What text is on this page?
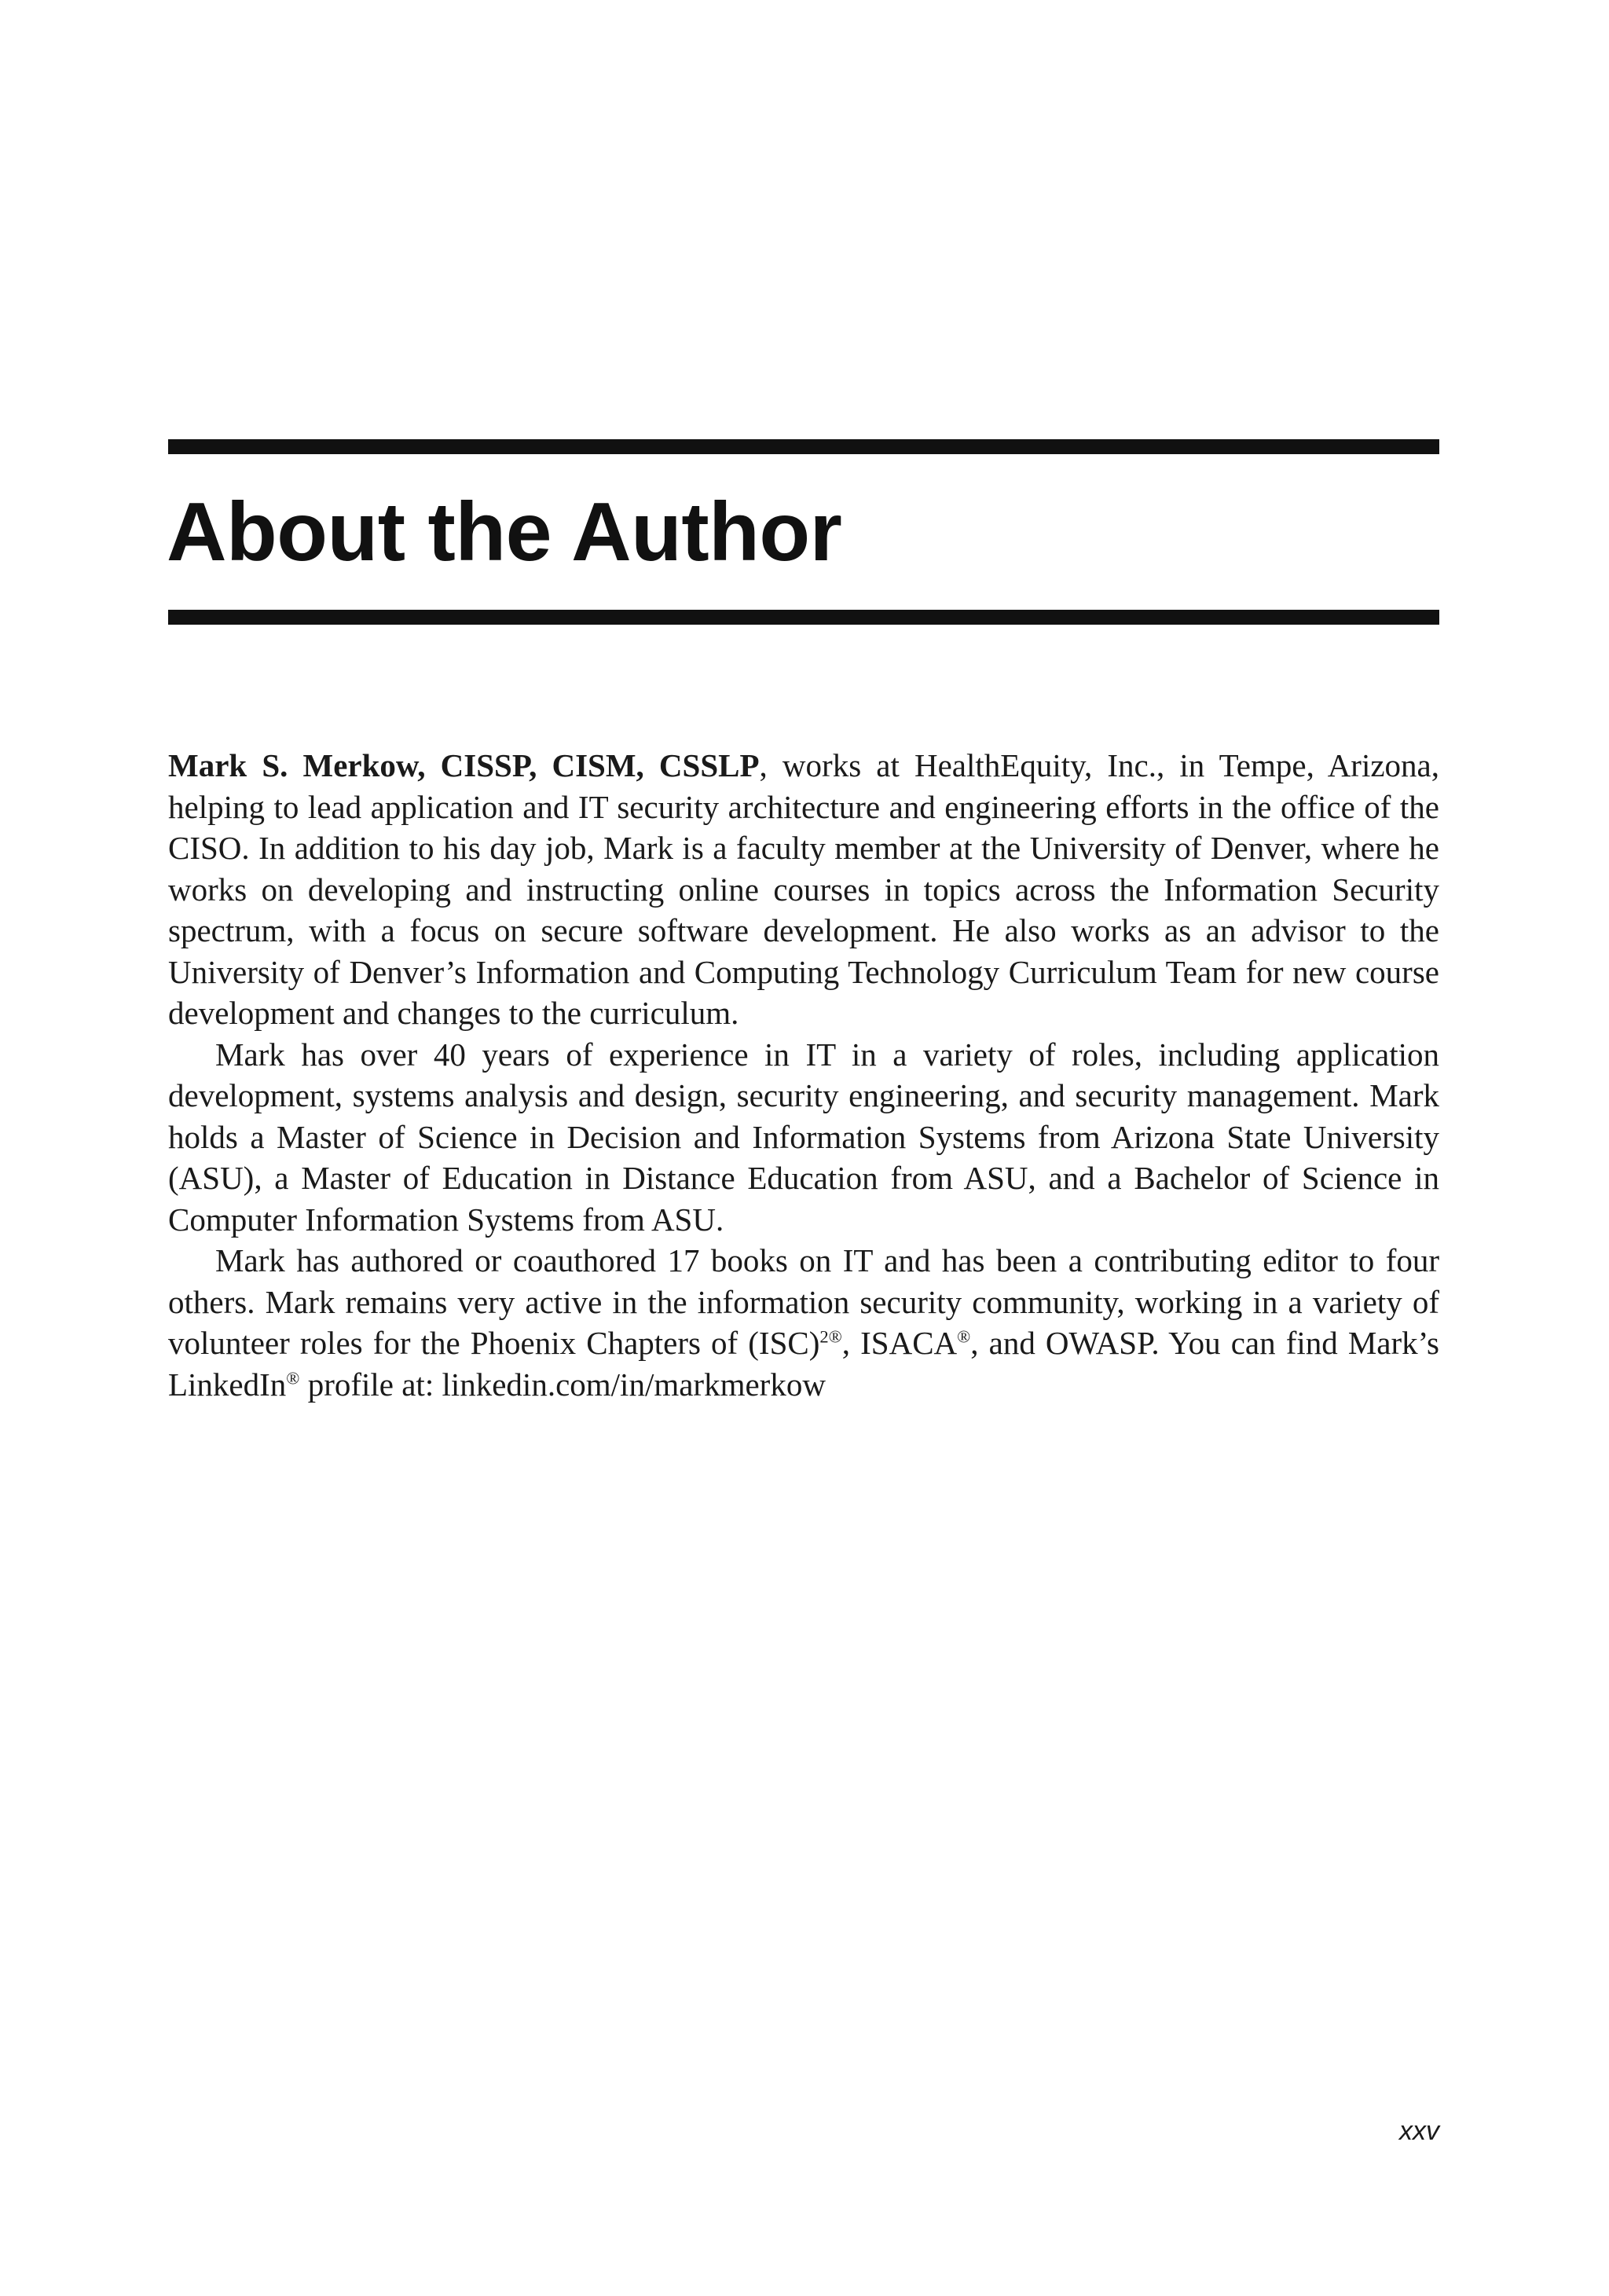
About the Author

Mark S. Merkow, CISSP, CISM, CSSLP, works at HealthEquity, Inc., in Tempe, Arizona, helping to lead application and IT security architecture and engineering efforts in the office of the CISO. In addition to his day job, Mark is a faculty member at the University of Denver, where he works on developing and instructing online courses in topics across the Information Security spectrum, with a focus on secure software development. He also works as an advisor to the University of Denver’s Information and Computing Technology Curriculum Team for new course development and changes to the curriculum.

Mark has over 40 years of experience in IT in a variety of roles, including application development, systems analysis and design, security engineering, and security management. Mark holds a Master of Science in Decision and Information Systems from Arizona State University (ASU), a Master of Education in Distance Education from ASU, and a Bachelor of Science in Computer Information Systems from ASU.

Mark has authored or coauthored 17 books on IT and has been a contributing editor to four others. Mark remains very active in the information security community, working in a variety of volunteer roles for the Phoenix Chapters of (ISC)$^{2®}$, ISACA®, and OWASP. You can find Mark’s LinkedIn® profile at: linkedin.com/in/markmerkow

xxv
